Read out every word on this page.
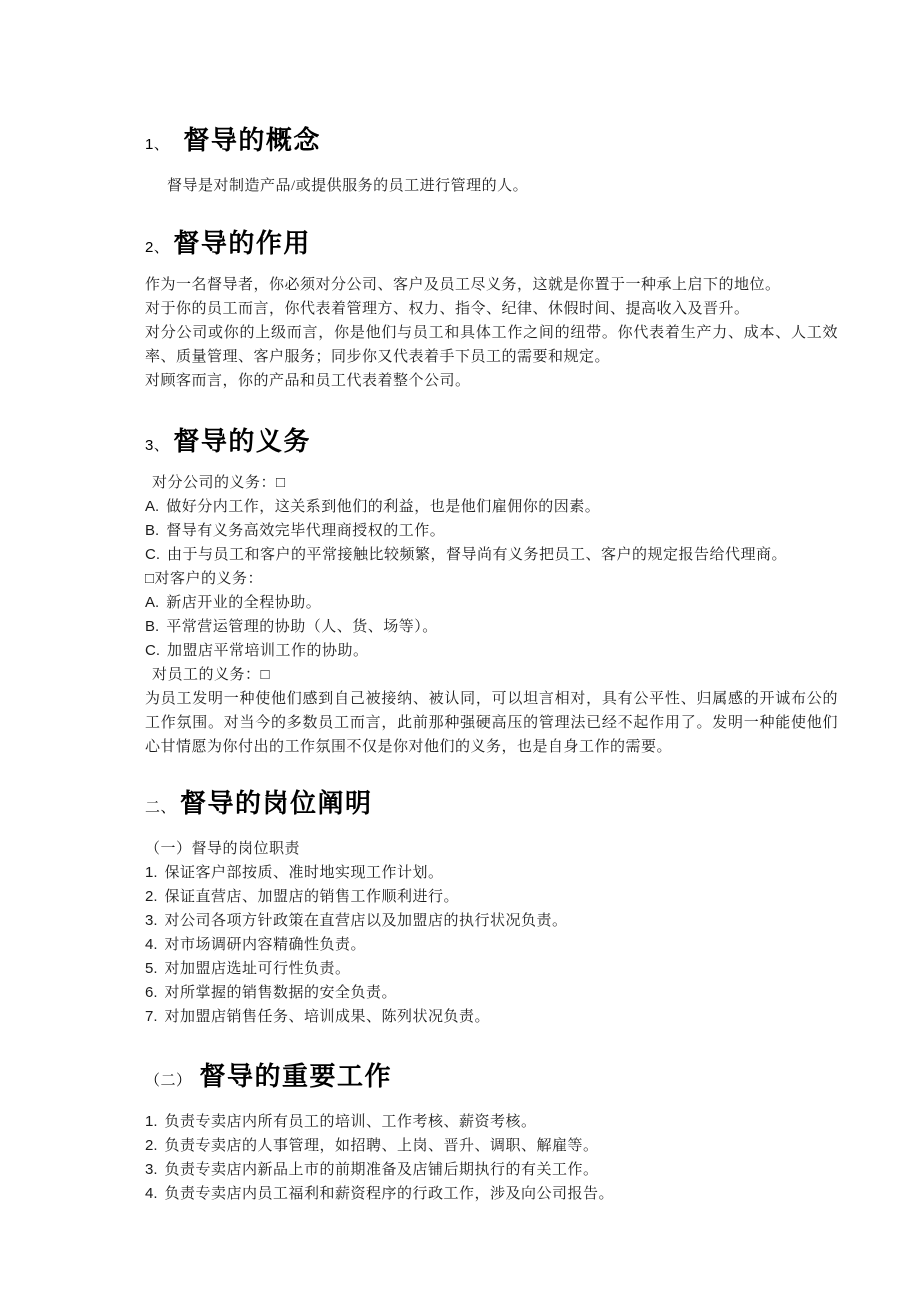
1、 督导的概念

督导是对制造产品/或提供服务的员工进行管理的人。

2、 督导的作用

作为一名督导者，你必须对分公司、客户及员工尽义务，这就是你置于一种承上启下的地位。

对于你的员工而言，你代表着管理方、权力、指令、纪律、休假时间、提高收入及晋升。

对分公司或你的上级而言，你是他们与员工和具体工作之间的纽带。你代表着生产力、成本、人工效率、质量管理、客户服务；同步你又代表着手下员工的需要和规定。

对顾客而言，你的产品和员工代表着整个公司。

3、 督导的义务

对分公司的义务：□

A. 做好分内工作，这关系到他们的利益，也是他们雇佣你的因素。
B. 督导有义务高效完毕代理商授权的工作。
C. 由于与员工和客户的平常接触比较频繁，督导尚有义务把员工、客户的规定报告给代理商。

□对客户的义务：

A. 新店开业的全程协助。
B. 平常营运管理的协助（人、货、场等）。
C. 加盟店平常培训工作的协助。

对员工的义务：□

为员工发明一种使他们感到自己被接纳、被认同，可以坦言相对，具有公平性、归属感的开诚布公的工作氛围。对当今的多数员工而言，此前那种强硬高压的管理法已经不起作用了。发明一种能使他们心甘情愿为你付出的工作氛围不仅是你对他们的义务，也是自身工作的需要。

二、 督导的岗位阐明

（一）督导的岗位职责

1. 保证客户部按质、准时地实现工作计划。
2. 保证直营店、加盟店的销售工作顺利进行。
3. 对公司各项方针政策在直营店以及加盟店的执行状况负责。
4. 对市场调研内容精确性负责。
5. 对加盟店选址可行性负责。
6. 对所掌握的销售数据的安全负责。
7. 对加盟店销售任务、培训成果、陈列状况负责。
（二） 督导的重要工作
1. 负责专卖店内所有员工的培训、工作考核、薪资考核。
2. 负责专卖店的人事管理，如招聘、上岗、晋升、调职、解雇等。
3. 负责专卖店内新品上市的前期准备及店铺后期执行的有关工作。
4. 负责专卖店内员工福利和薪资程序的行政工作，涉及向公司报告。
